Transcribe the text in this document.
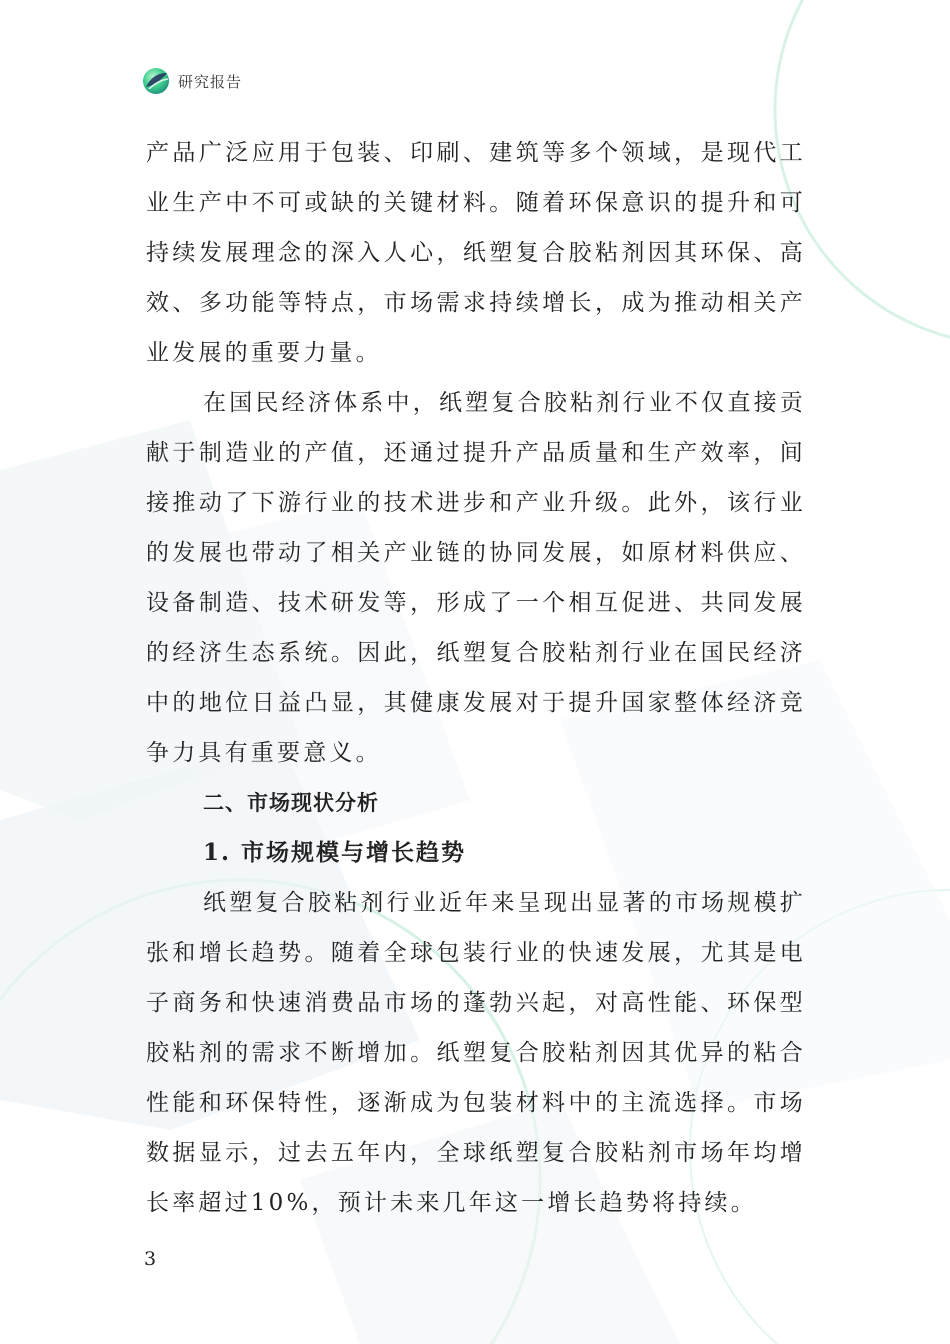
研究报告

产品广泛应用于包装、印刷、建筑等多个领域，是现代工业生产中不可或缺的关键材料。随着环保意识的提升和可持续发展理念的深入人心，纸塑复合胶粘剂因其环保、高效、多功能等特点，市场需求持续增长，成为推动相关产业发展的重要力量。

在国民经济体系中，纸塑复合胶粘剂行业不仅直接贡献于制造业的产值，还通过提升产品质量和生产效率，间接推动了下游行业的技术进步和产业升级。此外，该行业的发展也带动了相关产业链的协同发展，如原材料供应、设备制造、技术研发等，形成了一个相互促进、共同发展的经济生态系统。因此，纸塑复合胶粘剂行业在国民经济中的地位日益凸显，其健康发展对于提升国家整体经济竞争力具有重要意义。

二、市场现状分析
1. 市场规模与增长趋势

纸塑复合胶粘剂行业近年来呈现出显著的市场规模扩张和增长趋势。随着全球包装行业的快速发展，尤其是电子商务和快速消费品市场的蓬勃兴起，对高性能、环保型胶粘剂的需求不断增加。纸塑复合胶粘剂因其优异的粘合性能和环保特性，逐渐成为包装材料中的主流选择。市场数据显示，过去五年内，全球纸塑复合胶粘剂市场年均增长率超过10%，预计未来几年这一增长趋势将持续。

3
